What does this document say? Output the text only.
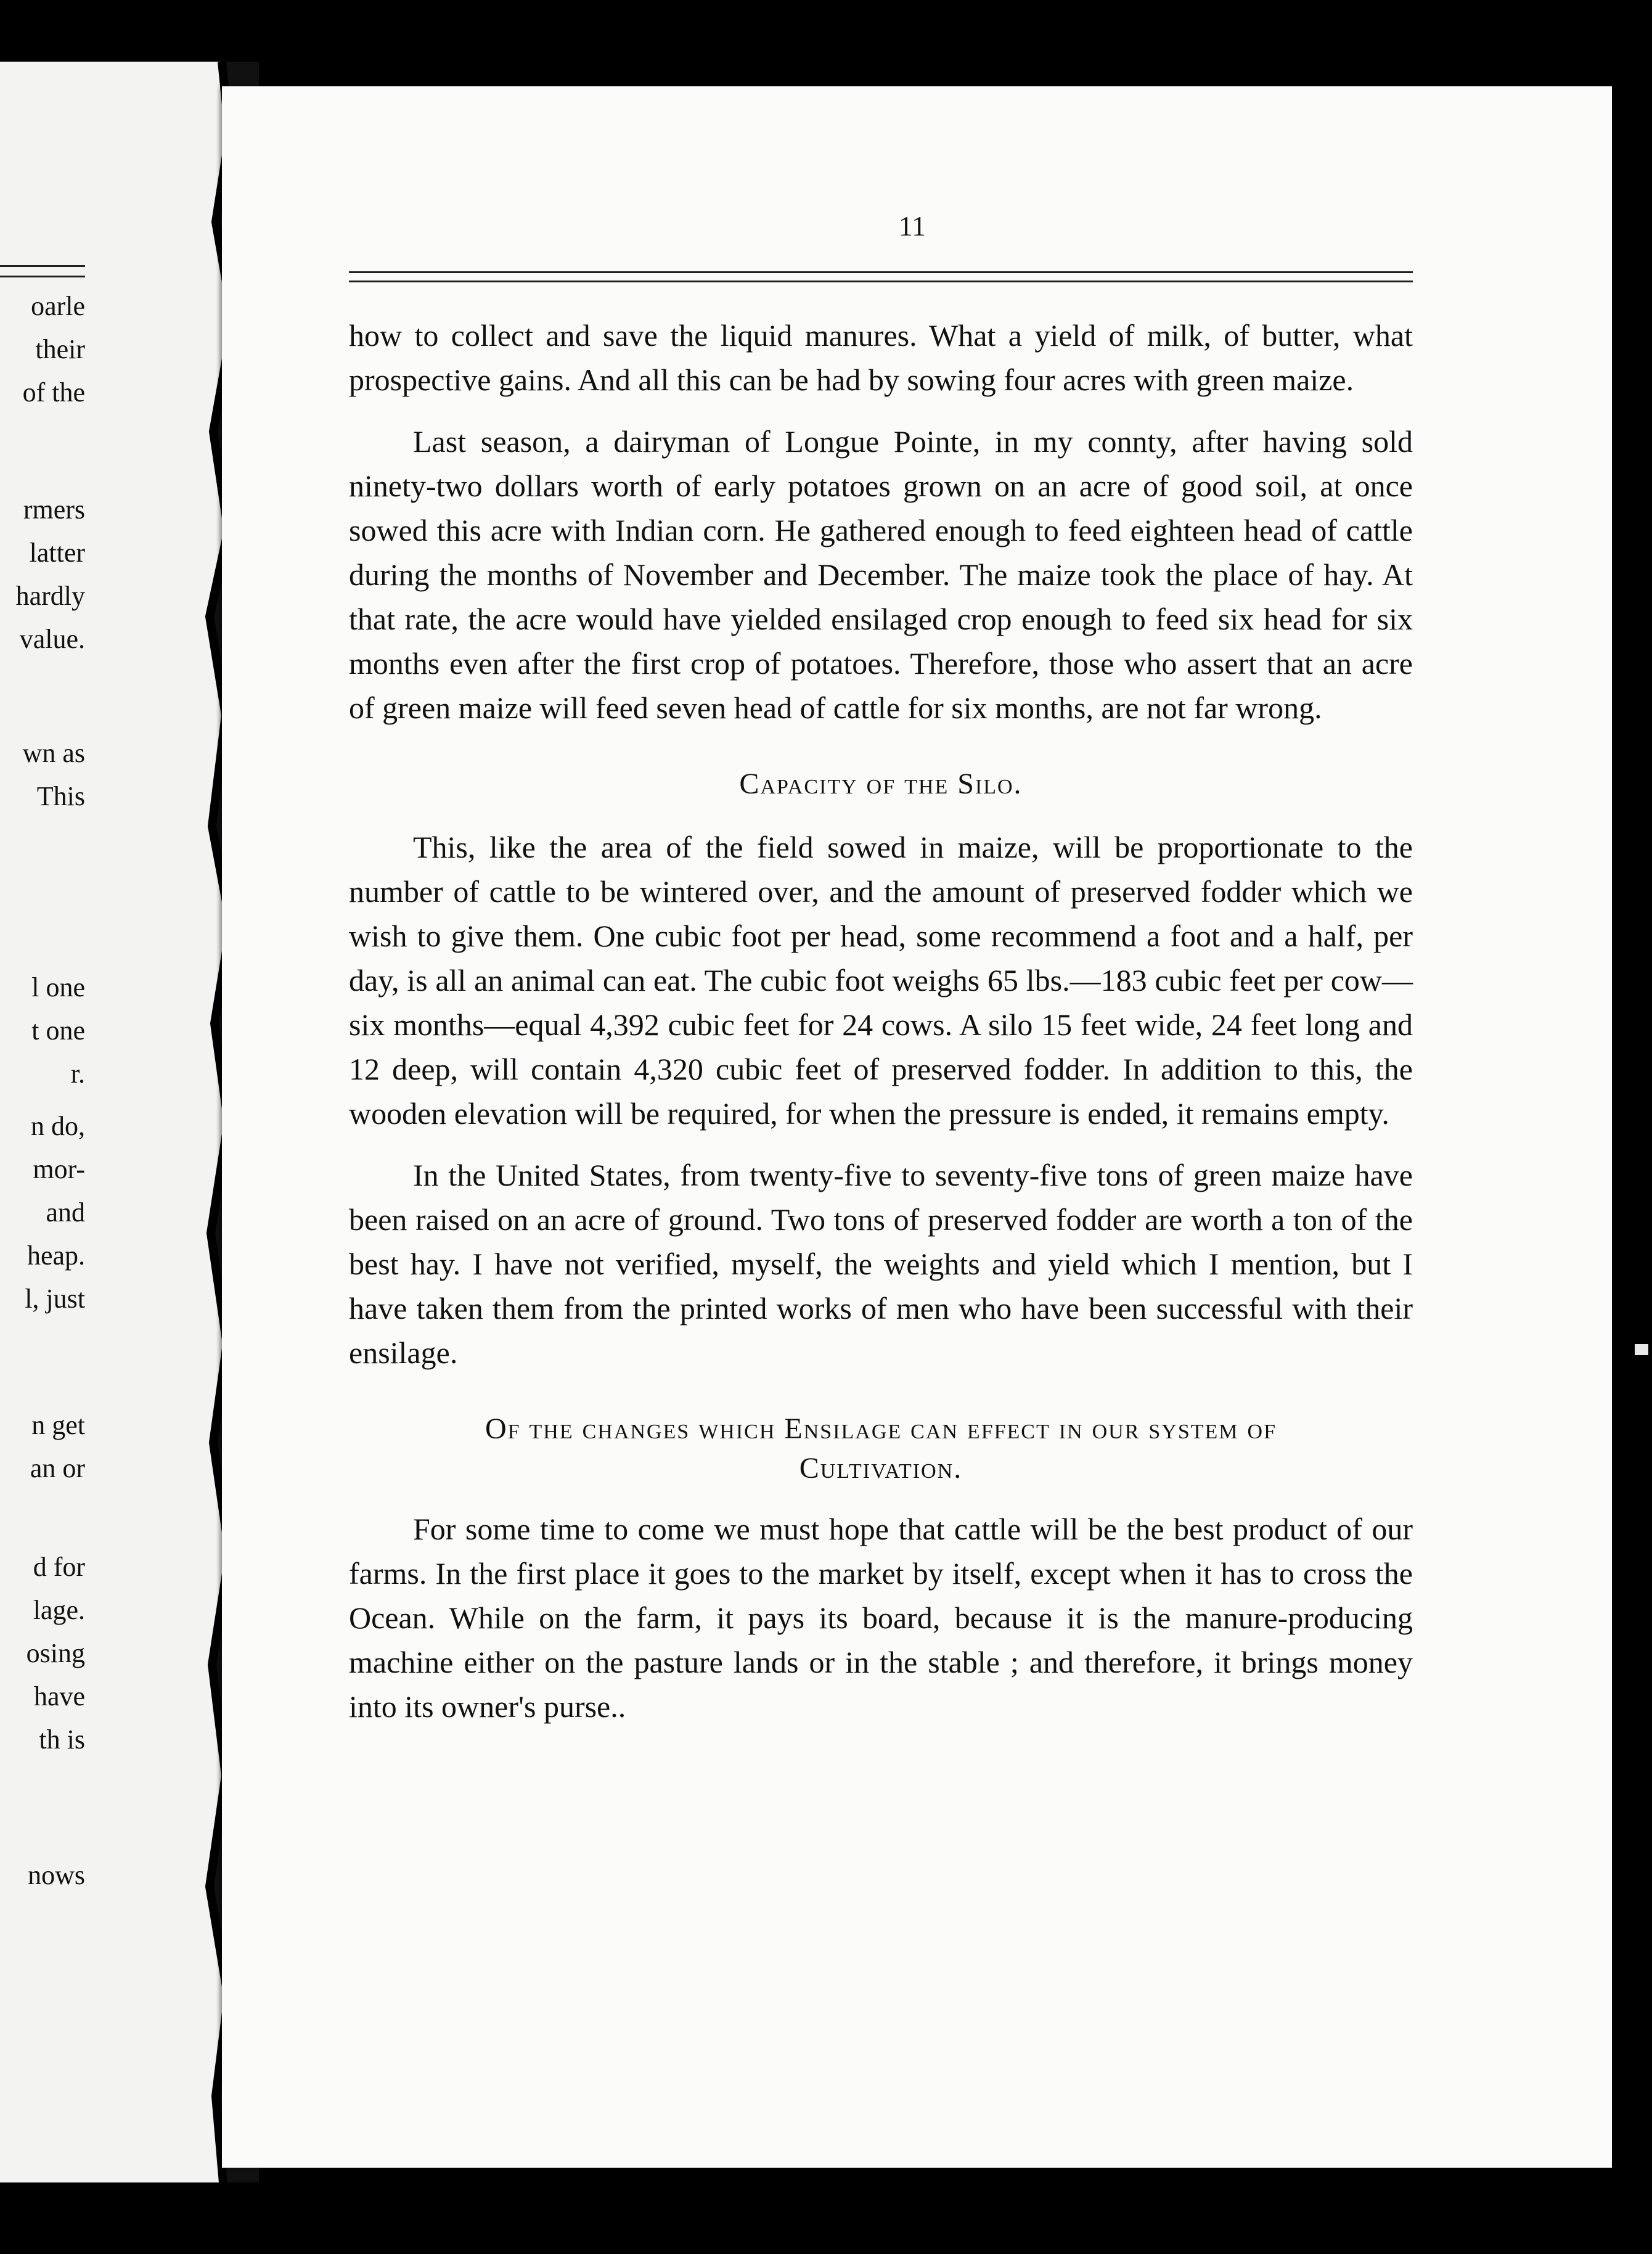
oarle
their
of the
rmers
latter
hardly
value.
wn as
This
l one
t one
r.
n do,
mor-
and
heap.
l, just
n get
an or
d for
lage.
osing
have
th is
nows
11

how to collect and save the liquid manures. What a yield of milk, of butter, what prospective gains. And all this can be had by sowing four acres with green maize.

Last season, a dairyman of Longue Pointe, in my connty, after having sold ninety-two dollars worth of early potatoes grown on an acre of good soil, at once sowed this acre with Indian corn. He gathered enough to feed eighteen head of cattle during the months of November and December. The maize took the place of hay. At that rate, the acre would have yielded ensilaged crop enough to feed six head for six months even after the first crop of potatoes. Therefore, those who assert that an acre of green maize will feed seven head of cattle for six months, are not far wrong.

Capacity of the Silo.

This, like the area of the field sowed in maize, will be proportionate to the number of cattle to be wintered over, and the amount of preserved fodder which we wish to give them. One cubic foot per head, some recommend a foot and a half, per day, is all an animal can eat. The cubic foot weighs 65 lbs.—183 cubic feet per cow—six months—equal 4,392 cubic feet for 24 cows. A silo 15 feet wide, 24 feet long and 12 deep, will contain 4,320 cubic feet of preserved fodder. In addition to this, the wooden elevation will be required, for when the pressure is ended, it remains empty.

In the United States, from twenty-five to seventy-five tons of green maize have been raised on an acre of ground. Two tons of preserved fodder are worth a ton of the best hay. I have not verified, myself, the weights and yield which I mention, but I have taken them from the printed works of men who have been successful with their ensilage.

Of the changes which Ensilage can effect in our system of
Cultivation.

For some time to come we must hope that cattle will be the best product of our farms. In the first place it goes to the market by itself, except when it has to cross the Ocean. While on the farm, it pays its board, because it is the manure-producing machine either on the pasture lands or in the stable ; and therefore, it brings money into its owner's purse..
